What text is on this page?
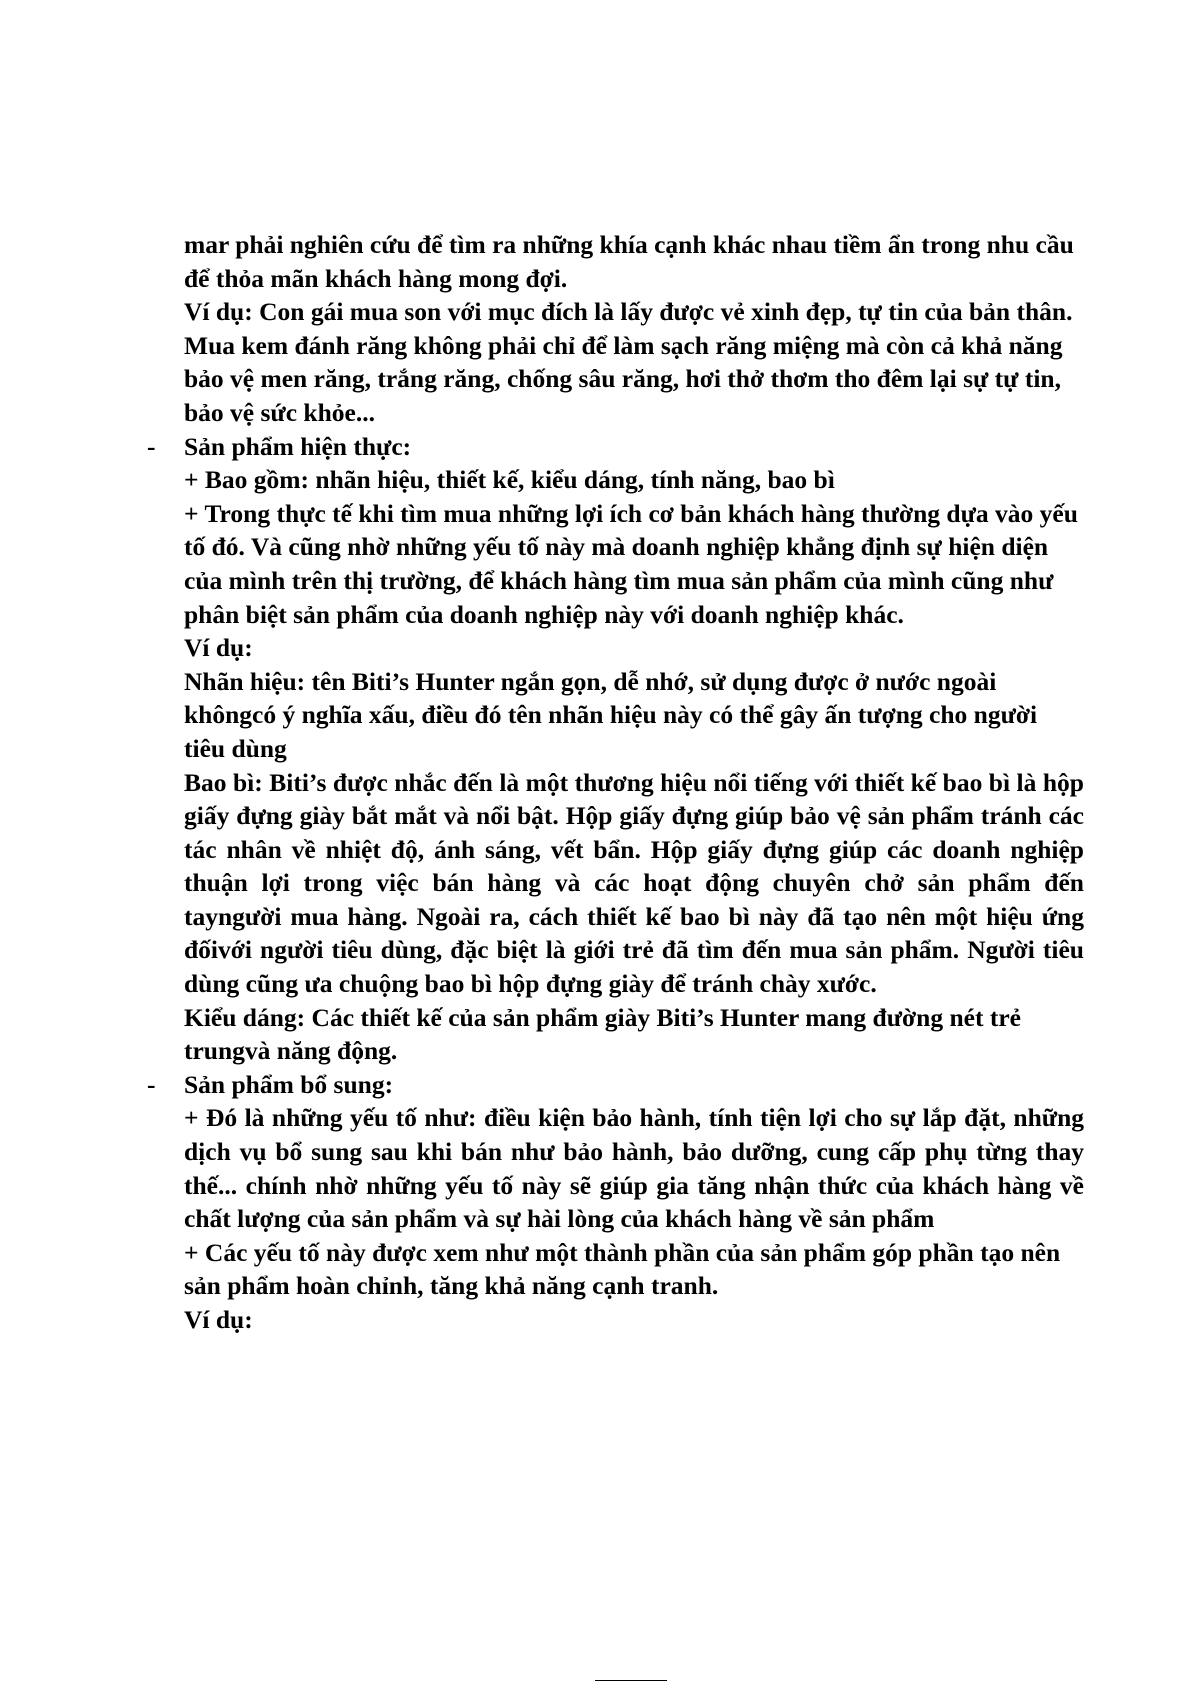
mar phải nghiên cứu để tìm ra những khía cạnh khác nhau tiềm ẩn trong nhu cầu để thỏa mãn khách hàng mong đợi.

Ví dụ: Con gái mua son với mục đích là lấy được vẻ xinh đẹp, tự tin của bản thân. Mua kem đánh răng không phải chỉ để làm sạch răng miệng mà còn cả khả năng bảo vệ men răng, trắng răng, chống sâu răng, hơi thở thơm tho đêm lại sự tự tin, bảo vệ sức khỏe...

- Sản phẩm hiện thực:

+ Bao gồm: nhãn hiệu, thiết kế, kiểu dáng, tính năng, bao bì

+ Trong thực tế khi tìm mua những lợi ích cơ bản khách hàng thường dựa vào yếu tố đó. Và cũng nhờ những yếu tố này mà doanh nghiệp khẳng định sự hiện diện của mình trên thị trường, để khách hàng tìm mua sản phẩm của mình cũng như phân biệt sản phẩm của doanh nghiệp này với doanh nghiệp khác.

Ví dụ:

Nhãn hiệu: tên Biti’s Hunter ngắn gọn, dễ nhớ, sử dụng được ở nước ngoài khôngcó ý nghĩa xấu, điều đó tên nhãn hiệu này có thể gây ấn tượng cho người tiêu dùng

Bao bì: Biti’s được nhắc đến là một thương hiệu nổi tiếng với thiết kế bao bì là hộp giấy đựng giày bắt mắt và nổi bật. Hộp giấy đựng giúp bảo vệ sản phẩm tránh các tác nhân về nhiệt độ, ánh sáng, vết bẩn. Hộp giấy đựng giúp các doanh nghiệp thuận lợi trong việc bán hàng và các hoạt động chuyên chở sản phẩm đến tayngười mua hàng. Ngoài ra, cách thiết kế bao bì này đã tạo nên một hiệu ứng đốivới người tiêu dùng, đặc biệt là giới trẻ đã tìm đến mua sản phẩm. Người tiêu dùng cũng ưa chuộng bao bì hộp đựng giày để tránh chày xước.

Kiểu dáng: Các thiết kế của sản phẩm giày Biti’s Hunter mang đường nét trẻ trungvà năng động.

- Sản phẩm bổ sung:

+ Đó là những yếu tố như: điều kiện bảo hành, tính tiện lợi cho sự lắp đặt, những dịch vụ bổ sung sau khi bán như bảo hành, bảo dưỡng, cung cấp phụ từng thay thế... chính nhờ những yếu tố này sẽ giúp gia tăng nhận thức của khách hàng về chất lượng của sản phẩm và sự hài lòng của khách hàng về sản phẩm

+ Các yếu tố này được xem như một thành phần của sản phẩm góp phần tạo nên sản phẩm hoàn chỉnh, tăng khả năng cạnh tranh.

Ví dụ:
